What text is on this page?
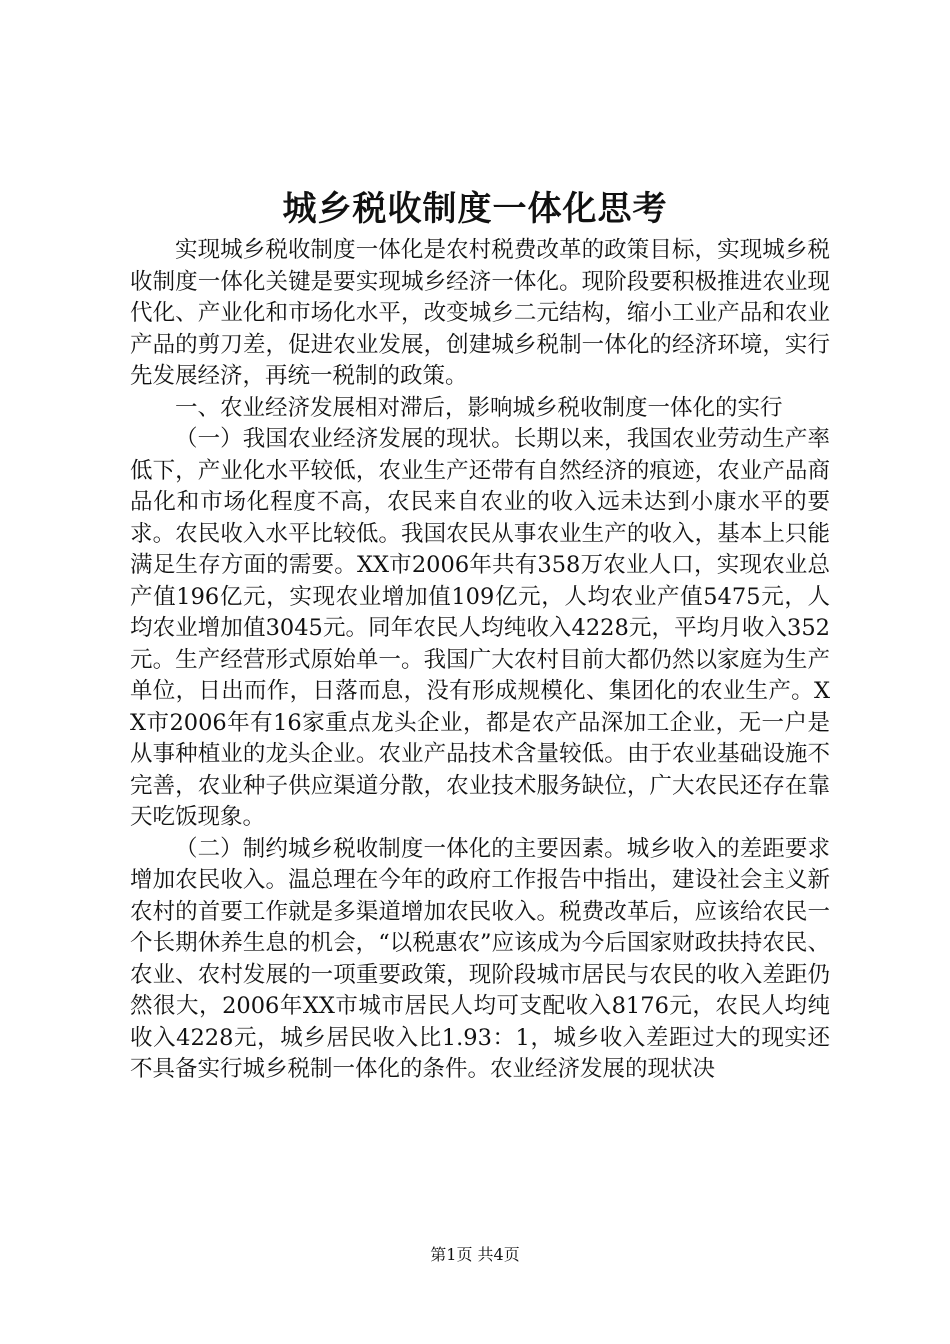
城乡税收制度一体化思考

实现城乡税收制度一体化是农村税费改革的政策目标，实现城乡税收制度一体化关键是要实现城乡经济一体化。现阶段要积极推进农业现代化、产业化和市场化水平，改变城乡二元结构，缩小工业产品和农业产品的剪刀差，促进农业发展，创建城乡税制一体化的经济环境，实行先发展经济，再统一税制的政策。

一、农业经济发展相对滞后，影响城乡税收制度一体化的实行

（一）我国农业经济发展的现状。长期以来，我国农业劳动生产率低下，产业化水平较低，农业生产还带有自然经济的痕迹，农业产品商品化和市场化程度不高，农民来自农业的收入远未达到小康水平的要求。农民收入水平比较低。我国农民从事农业生产的收入，基本上只能满足生存方面的需要。XX市2006年共有358万农业人口，实现农业总产值196亿元，实现农业增加值109亿元，人均农业产值5475元，人均农业增加值3045元。同年农民人均纯收入4228元，平均月收入352元。生产经营形式原始单一。我国广大农村目前大都仍然以家庭为生产单位，日出而作，日落而息，没有形成规模化、集团化的农业生产。XX市2006年有16家重点龙头企业，都是农产品深加工企业，无一户是从事种植业的龙头企业。农业产品技术含量较低。由于农业基础设施不完善，农业种子供应渠道分散，农业技术服务缺位，广大农民还存在靠天吃饭现象。

（二）制约城乡税收制度一体化的主要因素。城乡收入的差距要求增加农民收入。温总理在今年的政府工作报告中指出，建设社会主义新农村的首要工作就是多渠道增加农民收入。税费改革后，应该给农民一个长期休养生息的机会，“以税惠农”应该成为今后国家财政扶持农民、农业、农村发展的一项重要政策，现阶段城市居民与农民的收入差距仍然很大，2006年XX市城市居民人均可支配收入8176元，农民人均纯收入4228元，城乡居民收入比1.93：1，城乡收入差距过大的现实还不具备实行城乡税制一体化的条件。农业经济发展的现状决

第1页 共4页
